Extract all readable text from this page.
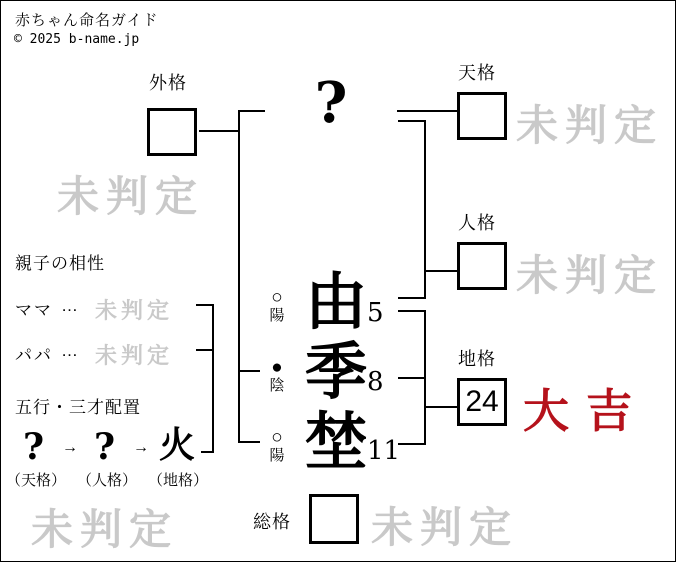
赤ちゃん命名ガイド
© 2025 b-name.jp
外格
未判定
天格
未判定
人格
未判定
地格
24 大吉
総格 未判定
?
○
陽 由 5
●
陰 季 8
○
陽 埜 11
親子の相性
ママ … 未判定
パパ … 未判定
五行・三才配置
? → ? → 火
（天格） （人格） （地格）
未判定
